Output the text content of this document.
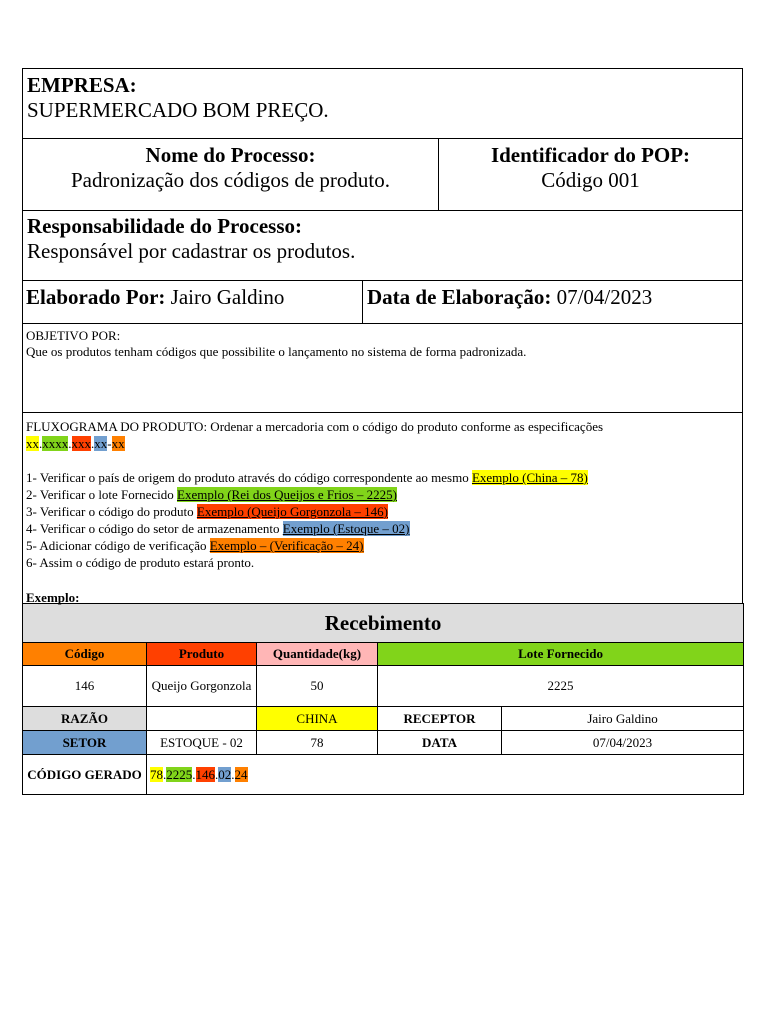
EMPRESA:
SUPERMERCADO BOM PREÇO.
Nome do Processo:
Padronização dos códigos de produto.
Identificador do POP:
Código 001
Responsabilidade do Processo:
Responsável por cadastrar os produtos.
Elaborado Por: Jairo Galdino	Data de Elaboração: 07/04/2023
OBJETIVO POR:
Que os produtos tenham códigos que possibilite o lançamento no sistema de forma padronizada.
FLUXOGRAMA DO PRODUTO: Ordenar a mercadoria com o código do produto conforme as especificações
xx.xxxx.xxx.xx-xx
1- Verificar o país de origem do produto através do código correspondente ao mesmo Exemplo (China – 78)
2- Verificar o lote Fornecido Exemplo (Rei dos Queijos e Frios – 2225)
3- Verificar o código do produto Exemplo (Queijo Gorgonzola – 146)
4- Verificar o código do setor de armazenamento Exemplo (Estoque – 02)
5- Adicionar código de verificação Exemplo – (Verificação – 24)
6- Assim o código de produto estará pronto.
Exemplo:
Recebimento				
Código	Produto	Quantidade(kg)	Lote Fornecido	
146	Queijo Gorgonzola	50	2225	
RAZÃO		CHINA	RECEPTOR	Jairo Galdino
SETOR	ESTOQUE - 02	78	DATA	07/04/2023
CÓDIGO GERADO	78.2225.146.02.24			
